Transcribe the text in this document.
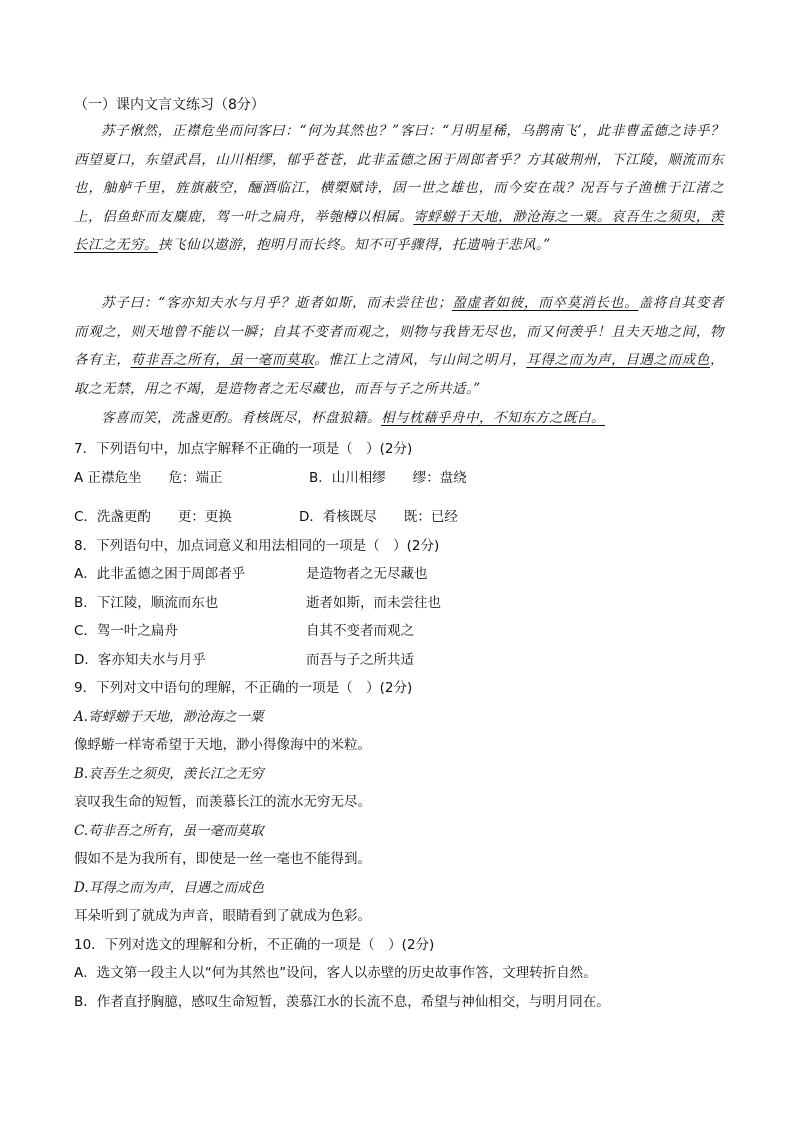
（一）课内文言文练习（8分）

苏子愀然，正襟危坐而问客曰：“何为其然也？”客曰：“月明星稀，乌鹊南飞’，此非曹孟德之诗乎？西望夏口，东望武昌，山川相缪，郁乎苍苍，此非孟德之困于周郎者乎？方其破荆州，下江陵，顺流而东也，舳舻千里，旌旗蔽空，酾酒临江，横槊赋诗，固一世之雄也，而今安在哉？况吾与子渔樵于江渚之上，侣鱼虾而友麋鹿，驾一叶之扁舟，举匏樽以相属。寄蜉蝣于天地，渺沧海之一粟。哀吾生之须臾，羡长江之无穷。挟飞仙以遨游，抱明月而长终。知不可乎骤得，托遗响于悲风。”

苏子曰：“客亦知夫水与月乎？逝者如斯，而未尝往也；盈虚者如彼，而卒莫消长也。盖将自其变者而观之，则天地曾不能以一瞬；自其不变者而观之，则物与我皆无尽也，而又何羡乎！且夫天地之间，物各有主，苟非吾之所有，虽一毫而莫取。惟江上之清风，与山间之明月，耳得之而为声，目遇之而成色，取之无禁，用之不竭，是造物者之无尽藏也，而吾与子之所共适。”

客喜而笑，洗盏更酌。肴核既尽，杯盘狼籍。相与枕藉乎舟中，不知东方之既白。

7．下列语句中，加点字解释不正确的一项是（　）(2分)
A 正襟危坐　　危：端正	B．山川相缪　　缪：盘绕
C．洗盏更酌　　更：更换	D．肴核既尽　　既：已经
8．下列语句中，加点词意义和用法相同的一项是（　）(2分)
A．此非孟德之困于周郎者乎	是造物者之无尽藏也
B．下江陵，顺流而东也	逝者如斯，而未尝往也
C．驾一叶之扁舟	自其不变者而观之
D．客亦知夫水与月乎	而吾与子之所共适
9．下列对文中语句的理解，不正确的一项是（　）(2分)
A.寄蜉蝣于天地，渺沧海之一粟
像蜉蝣一样寄希望于天地，渺小得像海中的米粒。
B.哀吾生之须臾，羡长江之无穷
哀叹我生命的短暂，而羡慕长江的流水无穷无尽。
C.苟非吾之所有，虽一毫而莫取
假如不是为我所有，即使是一丝一毫也不能得到。
D.耳得之而为声，目遇之而成色
耳朵听到了就成为声音，眼睛看到了就成为色彩。
10．下列对选文的理解和分析，不正确的一项是（　）(2分)
A．选文第一段主人以“何为其然也”设问，客人以赤壁的历史故事作答，文理转折自然。
B．作者直抒胸臆，感叹生命短暂，羡慕江水的长流不息，希望与神仙相交，与明月同在。
